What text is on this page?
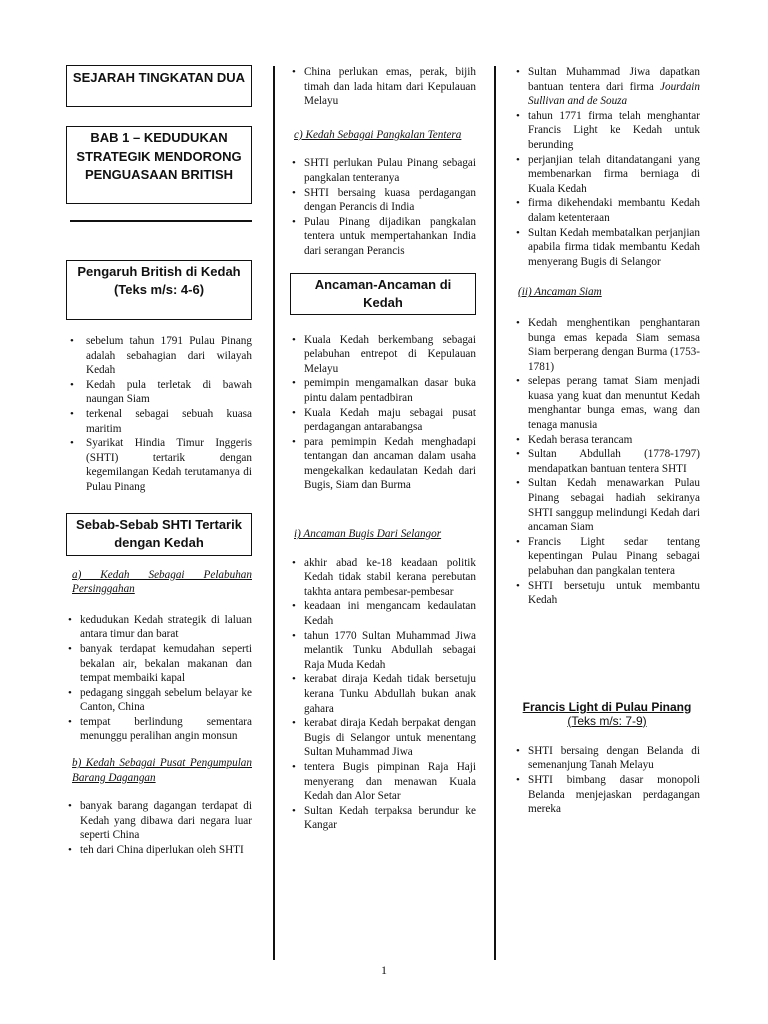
SEJARAH TINGKATAN DUA
BAB 1 – KEDUDUKAN STRATEGIK MENDORONG PENGUASAAN BRITISH
Pengaruh British di Kedah
(Teks m/s: 4-6)
• sebelum tahun 1791 Pulau Pinang adalah sebahagian dari wilayah Kedah
• Kedah pula terletak di bawah naungan Siam
• terkenal sebagai sebuah kuasa maritim
• Syarikat Hindia Timur Inggeris (SHTI) tertarik dengan kegemilangan Kedah terutamanya di Pulau Pinang
Sebab-Sebab SHTI Tertarik dengan Kedah
a) Kedah Sebagai Pelabuhan Persinggahan
• kedudukan Kedah strategik di laluan antara timur dan barat
• banyak terdapat kemudahan seperti bekalan air, bekalan makanan dan tempat membaiki kapal
• pedagang singgah sebelum belayar ke Canton, China
• tempat berlindung sementara menunggu peralihan angin monsun
b) Kedah Sebagai Pusat Pengumpulan Barang Dagangan
• banyak barang dagangan terdapat di Kedah yang dibawa dari negara luar seperti China
• teh dari China diperlukan oleh SHTI
• China perlukan emas, perak, bijih timah dan lada hitam dari Kepulauan Melayu
c) Kedah Sebagai Pangkalan Tentera
• SHTI perlukan Pulau Pinang sebagai pangkalan tenteranya
• SHTI bersaing kuasa perdagangan dengan Perancis di India
• Pulau Pinang dijadikan pangkalan tentera untuk mempertahankan India dari serangan Perancis
Ancaman-Ancaman di Kedah
• Kuala Kedah berkembang sebagai pelabuhan entrepot di Kepulauan Melayu
• pemimpin mengamalkan dasar buka pintu dalam pentadbiran
• Kuala Kedah maju sebagai pusat perdagangan antarabangsa
• para pemimpin Kedah menghadapi tentangan dan ancaman dalam usaha mengekalkan kedaulatan Kedah dari Bugis, Siam dan Burma
i) Ancaman Bugis Dari Selangor
• akhir abad ke-18 keadaan politik Kedah tidak stabil kerana perebutan takhta antara pembesar-pembesar
• keadaan ini mengancam kedaulatan Kedah
• tahun 1770 Sultan Muhammad Jiwa melantik Tunku Abdullah sebagai Raja Muda Kedah
• kerabat diraja Kedah tidak bersetuju kerana Tunku Abdullah bukan anak gahara
• kerabat diraja Kedah berpakat dengan Bugis di Selangor untuk menentang Sultan Muhammad Jiwa
• tentera Bugis pimpinan Raja Haji menyerang dan menawan Kuala Kedah dan Alor Setar
• Sultan Kedah terpaksa berundur ke Kangar
• Sultan Muhammad Jiwa dapatkan bantuan tentera dari firma Jourdain Sullivan and de Souza
• tahun 1771 firma telah menghantar Francis Light ke Kedah untuk berunding
• perjanjian telah ditandatangani yang membenarkan firma berniaga di Kuala Kedah
• firma dikehendaki membantu Kedah dalam ketenteraan
• Sultan Kedah membatalkan perjanjian apabila firma tidak membantu Kedah menyerang Bugis di Selangor
(ii) Ancaman Siam
• Kedah menghentikan penghantaran bunga emas kepada Siam semasa Siam berperang dengan Burma (1753-1781)
• selepas perang tamat Siam menjadi kuasa yang kuat dan menuntut Kedah menghantar bunga emas, wang dan tenaga manusia
• Kedah berasa terancam
• Sultan Abdullah (1778-1797) mendapatkan bantuan tentera SHTI
• Sultan Kedah menawarkan Pulau Pinang sebagai hadiah sekiranya SHTI sanggup melindungi Kedah dari ancaman Siam
• Francis Light sedar tentang kepentingan Pulau Pinang sebagai pelabuhan dan pangkalan tentera
• SHTI bersetuju untuk membantu Kedah
Francis Light di Pulau Pinang
(Teks m/s: 7-9)
• SHTI bersaing dengan Belanda di semenanjung Tanah Melayu
• SHTI bimbang dasar monopoli Belanda menjejaskan perdagangan mereka
1
